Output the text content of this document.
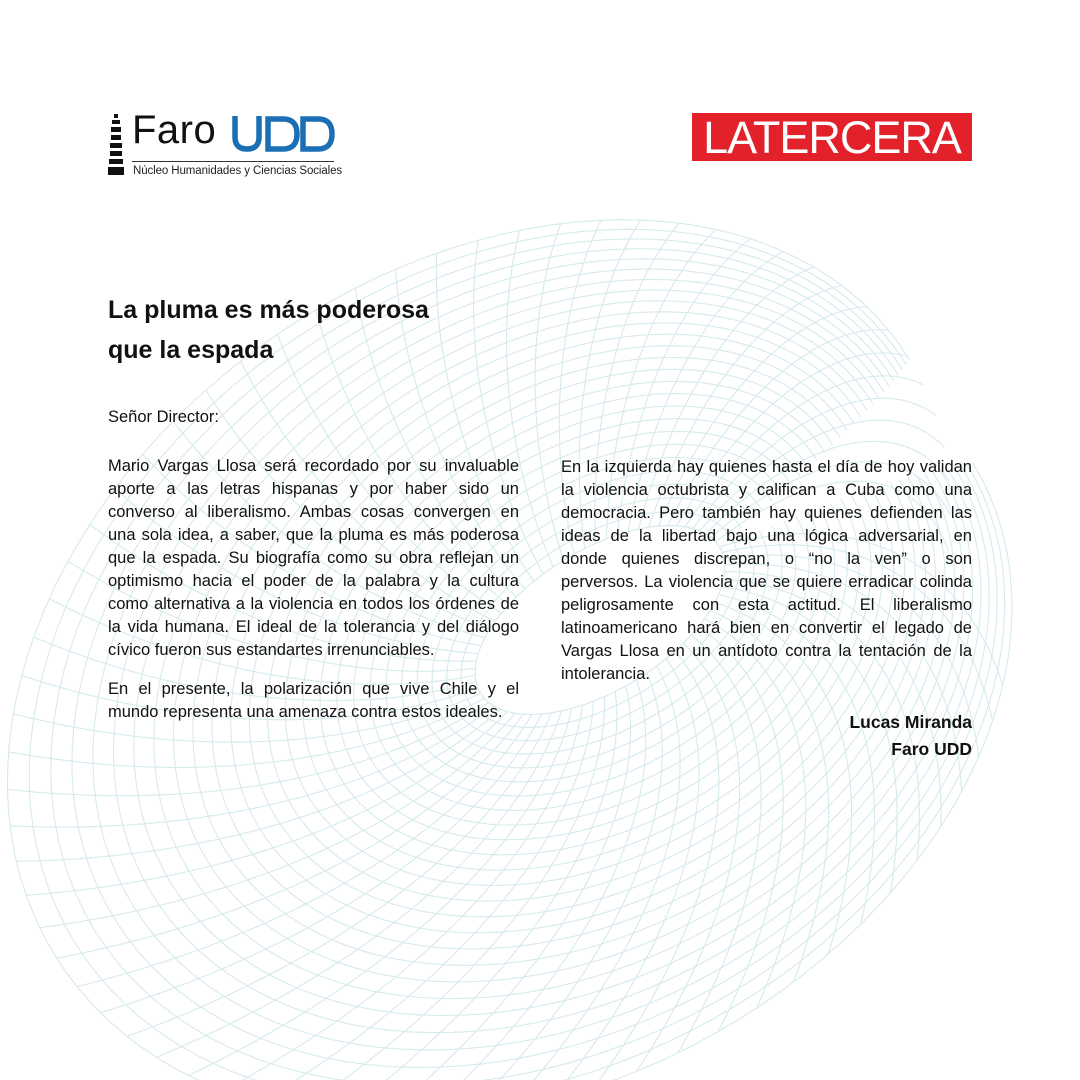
Faro
Núcleo Humanidades y Ciencias Sociales
LATERCERA
La pluma es más poderosa
que la espada

Señor Director:

Mario Vargas Llosa será recordado por su invaluable aporte a las letras hispanas y por haber sido un converso al liberalismo. Ambas cosas convergen en una sola idea, a saber, que la pluma es más poderosa que la espada. Su biografía como su obra reflejan un optimismo hacia el poder de la palabra y la cultura como alternativa a la violencia en todos los órdenes de la vida humana. El ideal de la tolerancia y del diálogo cívico fueron sus estandartes irrenunciables.

En el presente, la polarización que vive Chile y el mundo representa una amenaza contra estos ideales.

En la izquierda hay quienes hasta el día de hoy validan la violencia octubrista y califican a Cuba como una democracia. Pero también hay quienes defienden las ideas de la libertad bajo una lógica adversarial, en donde quienes discrepan, o “no la ven” o son perversos. La violencia que se quiere erradicar colinda peligrosamente con esta actitud. El liberalismo latinoamericano hará bien en convertir el legado de Vargas Llosa en un antídoto contra la tentación de la intolerancia.

Lucas Miranda
Faro UDD
